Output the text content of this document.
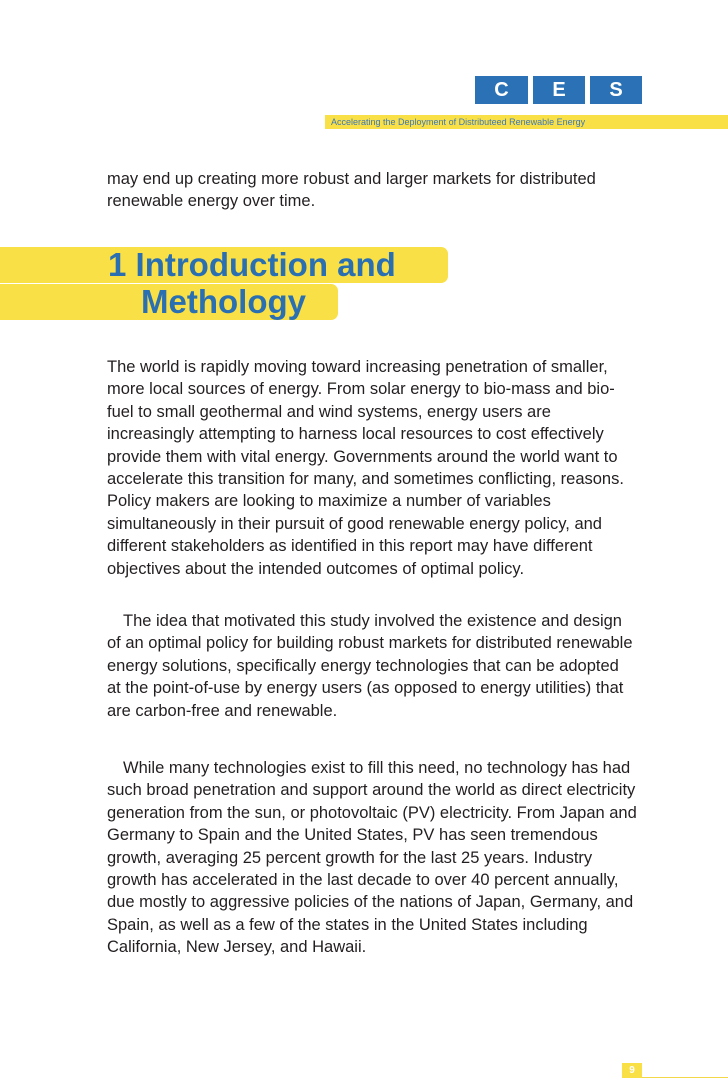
C	E	S
Accelerating the Deployment of Distributeed Renewable Energy

may end up creating more robust and larger markets for distributed renewable energy over time.

1 Introduction and
Methology

The world is rapidly moving toward increasing penetration of smaller, more local sources of energy. From solar energy to bio-mass and bio-fuel to small geothermal and wind systems, energy users are increasingly attempting to harness local resources to cost effectively provide them with vital energy. Governments around the world want to accelerate this transition for many, and sometimes conflicting, reasons. Policy makers are looking to maximize a number of variables simultaneously in their pursuit of good renewable energy policy, and different stakeholders as identified in this report may have different objectives about the intended outcomes of optimal policy.

The idea that motivated this study involved the existence and design of an optimal policy for building robust markets for distributed renewable energy solutions, specifically energy technologies that can be adopted at the point-of-use by energy users (as opposed to energy utilities) that are carbon-free and renewable.

While many technologies exist to fill this need, no technology has had such broad penetration and support around the world as direct electricity generation from the sun, or photovoltaic (PV) electricity. From Japan and Germany to Spain and the United States, PV has seen tremendous growth, averaging 25 percent growth for the last 25 years. Industry growth has accelerated in the last decade to over 40 percent annually, due mostly to aggressive policies of the nations of Japan, Germany, and Spain, as well as a few of the states in the United States including California, New Jersey, and Hawaii.

9
